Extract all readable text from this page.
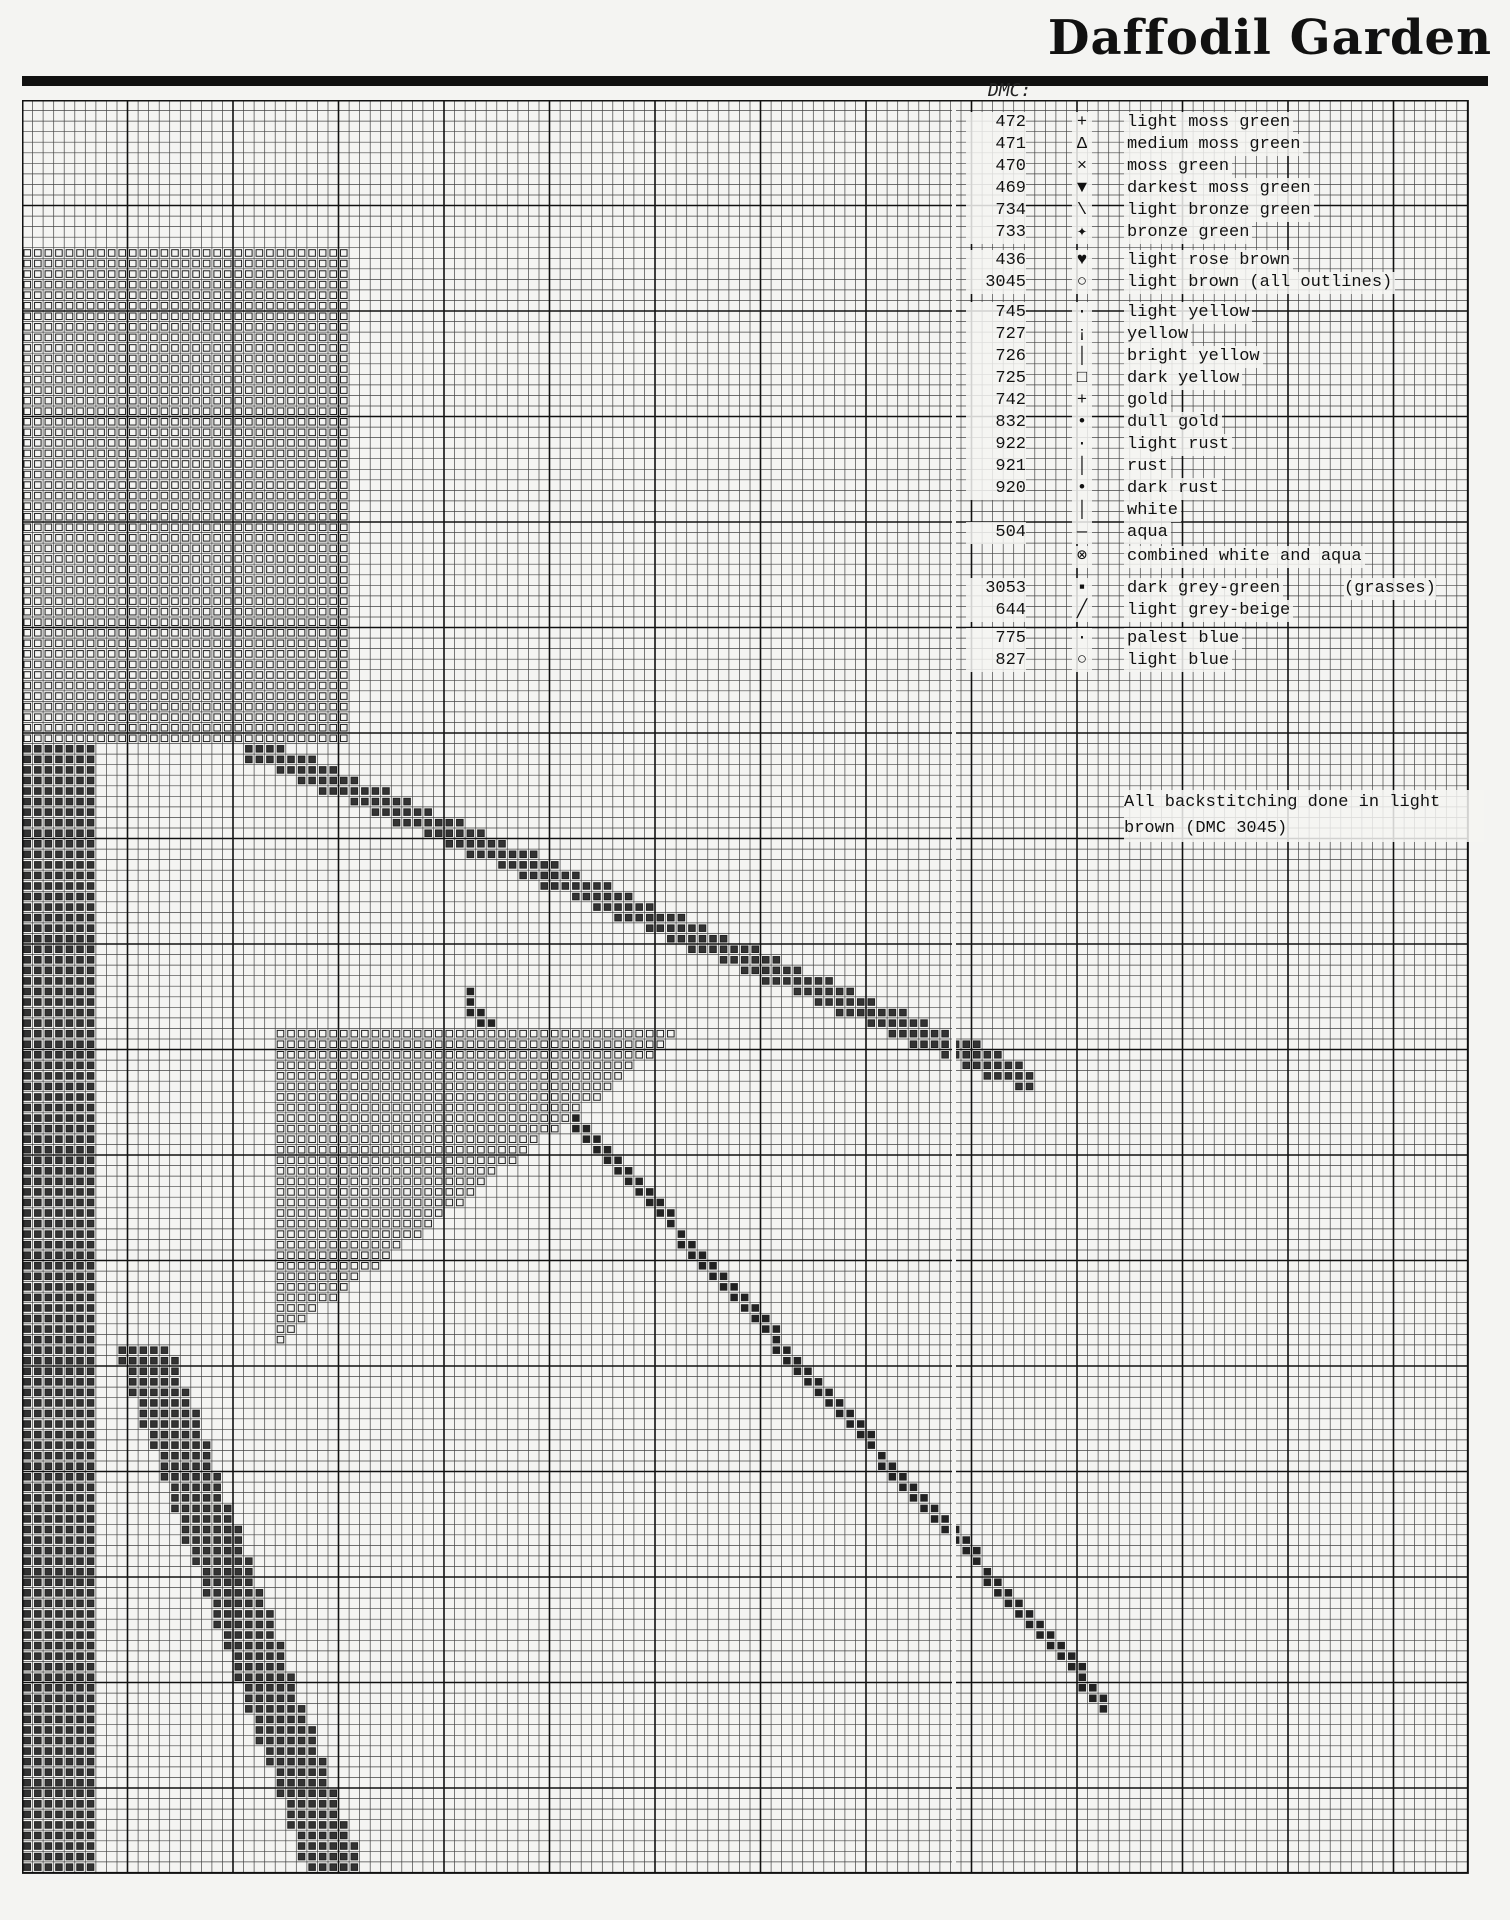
Daffodil Garden
DMC:
472	+ light moss green
471	Δ medium moss green
470	× moss green
469	▼ darkest moss green
734	\ light bronze green
733	✦ bronze green
436	♥ light rose brown
3045	○ light brown (all outlines)
745	· light yellow
727	¡ yellow
726	│ bright yellow
725	□ dark yellow
742	+ gold
832	• dull gold
922	∙ light rust
921	│ rust
920	• dark rust
│ white
504	— aqua
⊗ combined white and aqua
3053	▪ dark grey-green	(grasses)
644	╱ light grey-beige
775	· palest blue
827	○ light blue
All backstitching done in light brown (DMC 3045)
